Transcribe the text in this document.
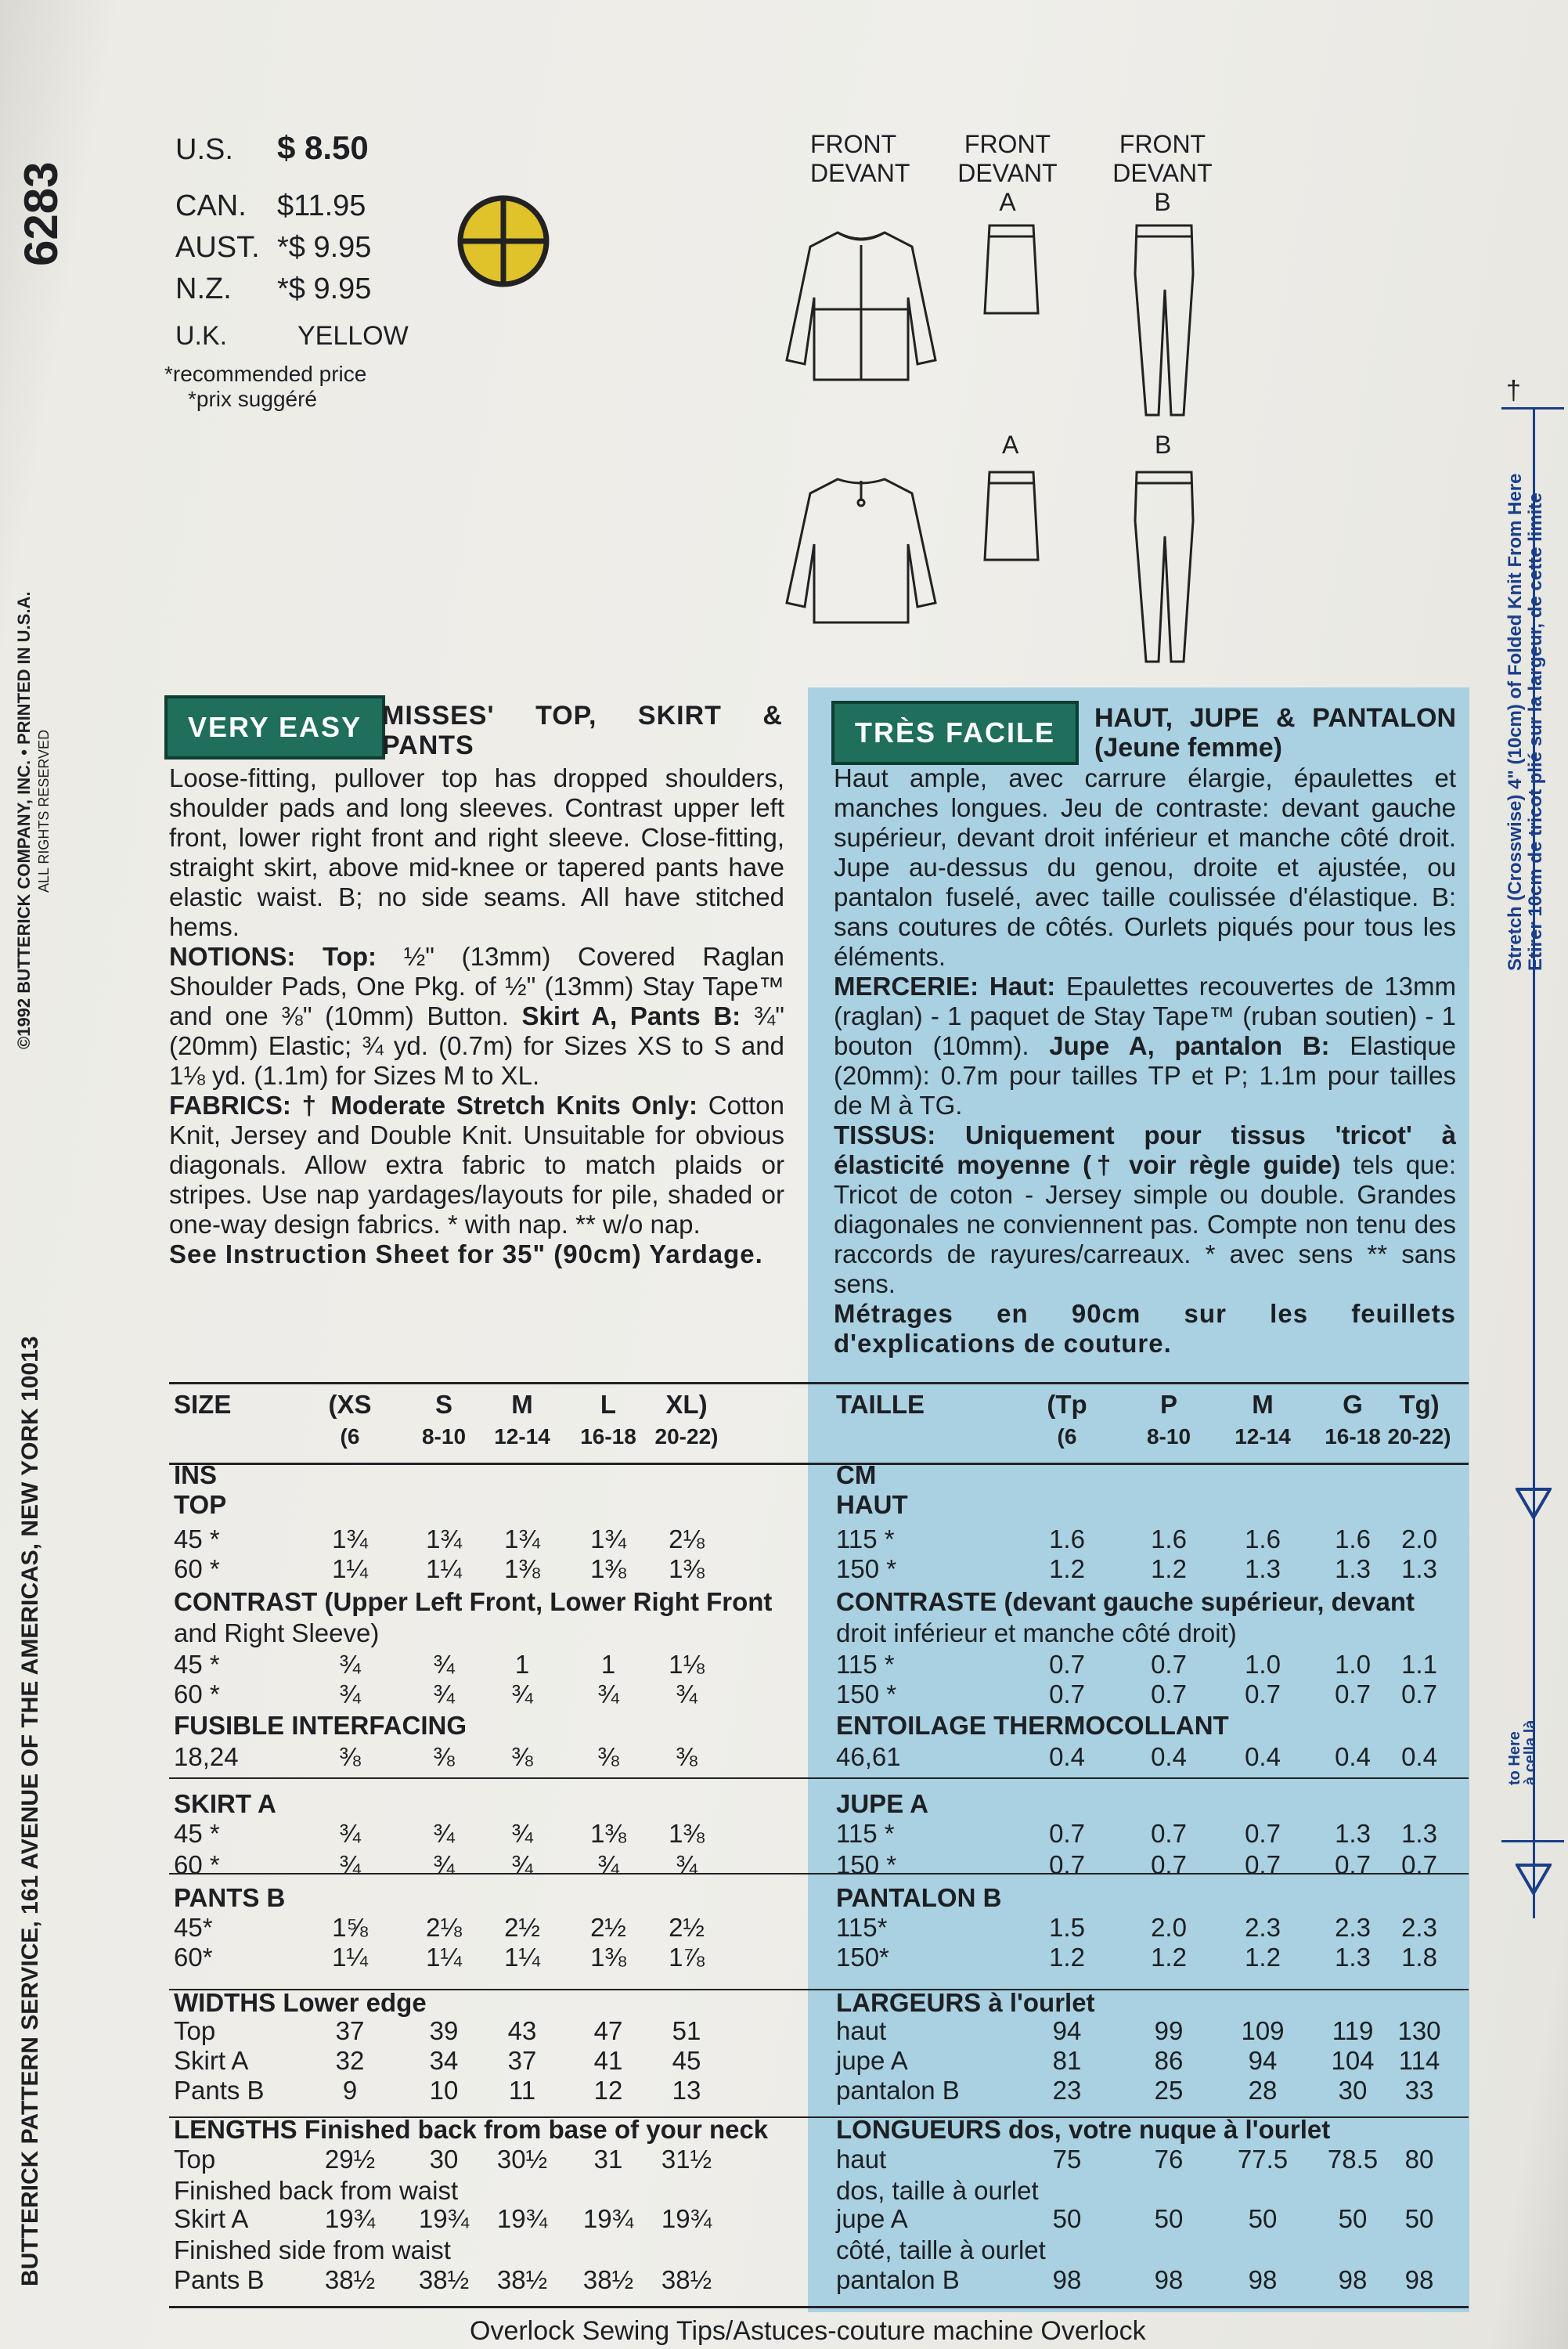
6283
BUTTERICK PATTERN SERVICE, 161 AVENUE OF THE AMERICAS, NEW YORK 10013
©1992 BUTTERICK COMPANY, INC. • PRINTED IN U.S.A. ALL RIGHTS RESERVED
U.S. $ 8.50
CAN. $11.95
AUST. *$ 9.95
N.Z. *$ 9.95
U.K.	YELLOW
*recommended price
*prix suggéré
FRONT
DEVANT
FRONT
DEVANT
A
FRONT
DEVANT
B
A	B
VERY EASY MISSES' TOP, SKIRT & PANTS
Loose-fitting, pullover top has dropped shoulders, shoulder pads and long sleeves. Contrast upper left front, lower right front and right sleeve. Close-fitting, straight skirt, above mid-knee or tapered pants have elastic waist. B; no side seams. All have stitched hems.
NOTIONS: Top: ½" (13mm) Covered Raglan Shoulder Pads, One Pkg. of ½" (13mm) Stay Tape™ and one ⅜" (10mm) Button. Skirt A, Pants B: ¾" (20mm) Elastic; ¾ yd. (0.7m) for Sizes XS to S and 1⅛ yd. (1.1m) for Sizes M to XL.
FABRICS: † Moderate Stretch Knits Only: Cotton Knit, Jersey and Double Knit. Unsuitable for obvious diagonals. Allow extra fabric to match plaids or stripes. Use nap yardages/layouts for pile, shaded or one-way design fabrics. * with nap. ** w/o nap.
See Instruction Sheet for 35" (90cm) Yardage.
TRÈS FACILE	HAUT, JUPE & PANTALON (Jeune femme)
Haut ample, avec carrure élargie, épaulettes et manches longues. Jeu de contraste: devant gauche supérieur, devant droit inférieur et manche côté droit. Jupe au-dessus du genou, droite et ajustée, ou pantalon fuselé, avec taille coulissée d'élastique. B: sans coutures de côtés. Ourlets piqués pour tous les éléments.
MERCERIE: Haut: Epaulettes recouvertes de 13mm (raglan) - 1 paquet de Stay Tape™ (ruban soutien) - 1 bouton (10mm). Jupe A, pantalon B: Elastique (20mm): 0.7m pour tailles TP et P; 1.1m pour tailles de M à TG.
TISSUS: Uniquement pour tissus 'tricot' à élasticité moyenne († voir règle guide) tels que: Tricot de coton - Jersey simple ou double. Grandes diagonales ne conviennent pas. Compte non tenu des raccords de rayures/carreaux. * avec sens ** sans sens.
Métrages en 90cm sur les feuillets d'explications de couture.
SIZE	(XS	S	M	L	XL)
(6	8-10	12-14	16-18 20-22)
INS
TOP
45 *	1¾	1¾	1¾	1¾	2⅛
60 *	1¼	1¼	1⅜	1⅜	1⅜
CONTRAST (Upper Left Front, Lower Right Front
and Right Sleeve)
45 *	¾	¾	1	1	1⅛
60 *	¾	¾	¾	¾	¾
FUSIBLE INTERFACING
18,24	⅜	⅜	⅜	⅜	⅜
SKIRT A
45 *	¾	¾	¾	1⅜	1⅜
60 *	¾	¾	¾	¾	¾
PANTS B
45*	1⅝	2⅛	2½	2½	2½
60*	1¼	1¼	1¼	1⅜	1⅞
WIDTHS Lower edge
Top	37	39	43	47	51
Skirt A	32	34	37	41	45
Pants B	9	10	11	12	13
LENGTHS Finished back from base of your neck
Top	29½	30	30½	31	31½
Finished back from waist
Skirt A	19¾	19¾	19¾	19¾	19¾
Finished side from waist
Pants B	38½	38½	38½	38½	38½
TAILLE	(Tp	P	M	G	Tg)
(6	8-10	12-14	16-18 20-22)
CM
HAUT
115 *	1.6	1.6	1.6	1.6	2.0
150 *	1.2	1.2	1.3	1.3	1.3
CONTRASTE (devant gauche supérieur, devant
droit inférieur et manche côté droit)
115 *	0.7	0.7	1.0	1.0	1.1
150 *	0.7	0.7	0.7	0.7	0.7
ENTOILAGE THERMOCOLLANT
46,61	0.4	0.4	0.4	0.4	0.4
JUPE A
115 *	0.7	0.7	0.7	1.3	1.3
150 *	0.7	0.7	0.7	0.7	0.7
PANTALON B
115*	1.5	2.0	2.3	2.3	2.3
150*	1.2	1.2	1.2	1.3	1.8
LARGEURS à l'ourlet
haut	94	99	109	119 130
jupe A	81	86	94	104 114
pantalon B	23	25	28	30	33
LONGUEURS dos, votre nuque à l'ourlet
haut	75	76	77.5	78.5	80
dos, taille à ourlet
jupe A	50	50	50	50	50
côté, taille à ourlet
pantalon B	98	98	98	98	98
†
Stretch (Crosswise) 4" (10cm) of Folded Knit From Here Etirer 10cm de tricot plié sur la largeur, de cette limite
to Here
à cella là
Overlock Sewing Tips/Astuces-couture machine Overlock
